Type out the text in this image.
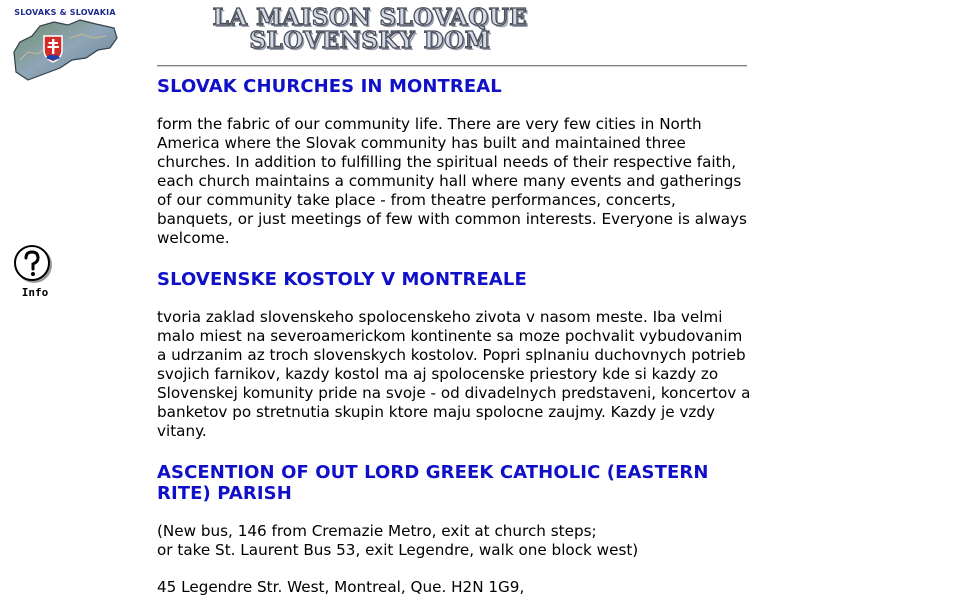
SLOVAKS & SLOVAKIA
Info
LA MAISON SLOVAQUE
SLOVENSKY DOM
SLOVAK CHURCHES IN MONTREAL

form the fabric of our community life. There are very few cities in North America where the Slovak community has built and maintained three churches. In addition to fulfilling the spiritual needs of their respective faith, each church maintains a community hall where many events and gatherings of our community take place - from theatre performances, concerts, banquets, or just meetings of few with common interests. Everyone is always welcome.

SLOVENSKE KOSTOLY V MONTREALE

tvoria zaklad slovenskeho spolocenskeho zivota v nasom meste. Iba velmi malo miest na severoamerickom kontinente sa moze pochvalit vybudovanim a udrzanim az troch slovenskych kostolov. Popri splnaniu duchovnych potrieb svojich farnikov, kazdy kostol ma aj spolocenske priestory kde si kazdy zo Slovenskej komunity pride na svoje - od divadelnych predstaveni, koncertov a banketov po stretnutia skupin ktore maju spolocne zaujmy. Kazdy je vzdy vitany.

ASCENTION OF OUT LORD GREEK CATHOLIC (EASTERN RITE) PARISH

(New bus, 146 from Cremazie Metro, exit at church steps;
or take St. Laurent Bus 53, exit Legendre, walk one block west)

45 Legendre Str. West, Montreal, Que. H2N 1G9,
